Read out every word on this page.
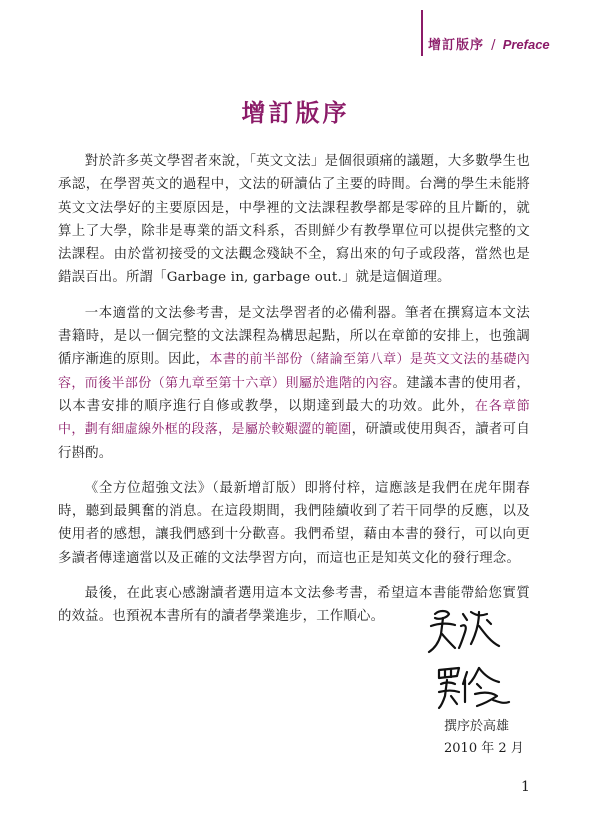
增訂版序 / Preface
增訂版序

對於許多英文學習者來說，「英文文法」是個很頭痛的議題，大多數學生也承認，在學習英文的過程中，文法的研讀佔了主要的時間。台灣的學生未能將英文文法學好的主要原因是，中學裡的文法課程教學都是零碎的且片斷的，就算上了大學，除非是專業的語文科系，否則鮮少有教學單位可以提供完整的文法課程。由於當初接受的文法觀念殘缺不全，寫出來的句子或段落，當然也是錯誤百出。所謂「Garbage in, garbage out.」就是這個道理。

一本適當的文法參考書，是文法學習者的必備利器。筆者在撰寫這本文法書籍時，是以一個完整的文法課程為構思起點，所以在章節的安排上，也強調循序漸進的原則。因此，本書的前半部份（緒論至第八章）是英文文法的基礎內容，而後半部份（第九章至第十六章）則屬於進階的內容。建議本書的使用者，以本書安排的順序進行自修或教學，以期達到最大的功效。此外，在各章節中，劃有細虛線外框的段落，是屬於較艱澀的範圍，研讀或使用與否，讀者可自行斟酌。

《全方位超強文法》（最新增訂版）即將付梓，這應該是我們在虎年開春時，聽到最興奮的消息。在這段期間，我們陸續收到了若干同學的反應，以及使用者的感想，讓我們感到十分歡喜。我們希望，藉由本書的發行，可以向更多讀者傳達適當以及正確的文法學習方向，而這也正是知英文化的發行理念。

最後，在此衷心感謝讀者選用這本文法參考書，希望這本書能帶給您實質的效益。也預祝本書所有的讀者學業進步，工作順心。

撰序於高雄
2010 年 2 月
1
